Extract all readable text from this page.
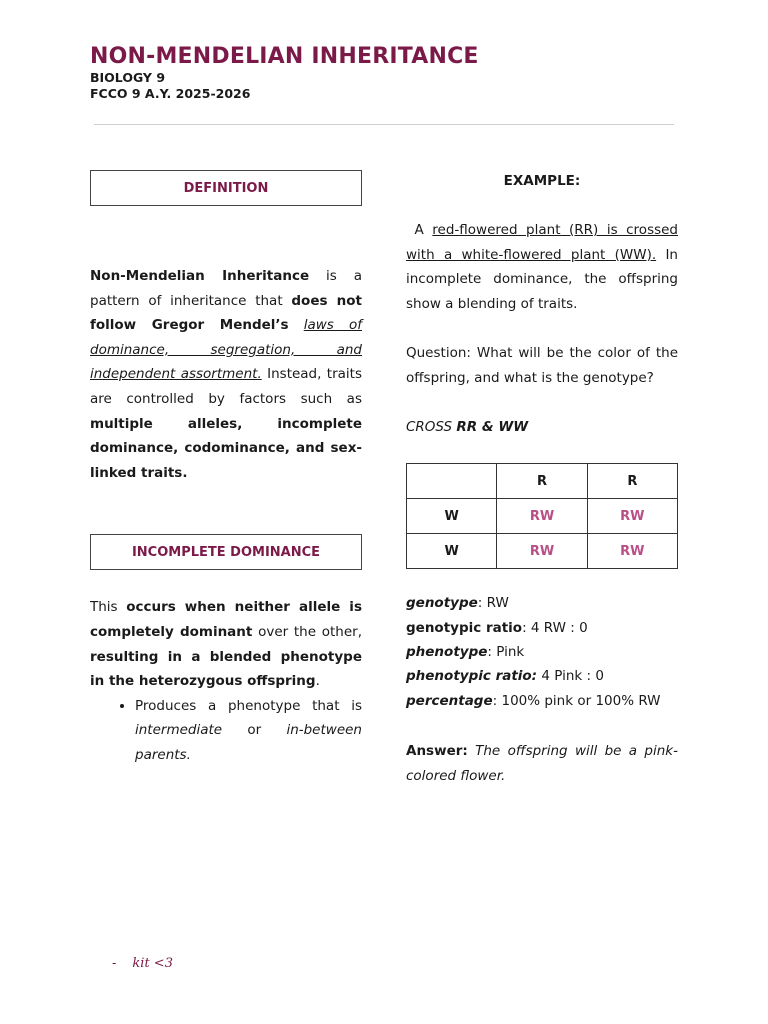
NON-MENDELIAN INHERITANCE

BIOLOGY 9

FCCO 9 A.Y. 2025-2026

DEFINITION

Non-Mendelian Inheritance is a pattern of inheritance that does not follow Gregor Mendel’s laws of dominance, segregation, and independent assortment. Instead, traits are controlled by factors such as multiple alleles, incomplete dominance, codominance, and sex-linked traits.

INCOMPLETE DOMINANCE

This occurs when neither allele is completely dominant over the other, resulting in a blended phenotype in the heterozygous offspring.

• Produces a phenotype that is intermediate or in-between parents.

EXAMPLE:

A red-flowered plant (RR) is crossed with a white-flowered plant (WW). In incomplete dominance, the offspring show a blending of traits.

Question: What will be the color of the offspring, and what is the genotype?

CROSS RR & WW

	R	R
W	RW	RW
W	RW	RW

genotype: RW

genotypic ratio: 4 RW : 0

phenotype: Pink

phenotypic ratio: 4 Pink : 0

percentage: 100% pink or 100% RW

Answer: The offspring will be a pink-colored flower.

- kit <3
